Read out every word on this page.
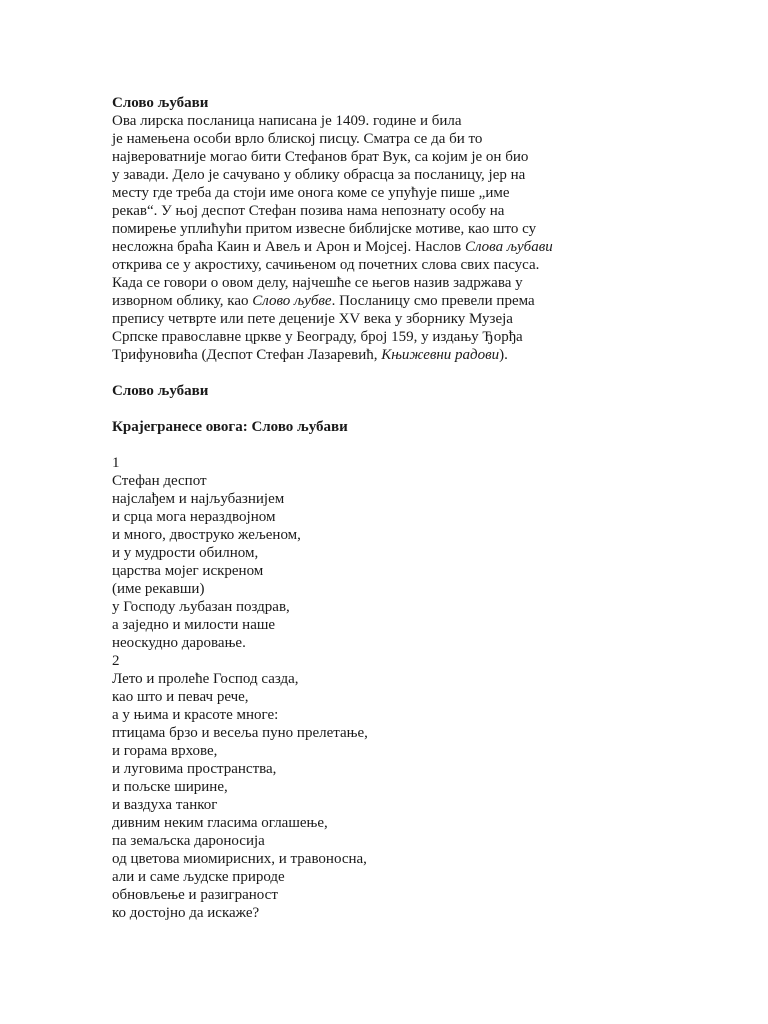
Слово љубави

Ова лирска посланица написана је 1409. године и била

је намењена особи врло блиској писцу. Сматра се да би то

највероватније могао бити Стефанов брат Вук, са којим је он био

у завади. Дело је сачувано у облику обрасца за посланицу, јер на

месту где треба да стоји име онога коме се упућује пише „име

рекав“. У њој деспот Стефан позива нама непознату особу на

помирење уплићући притом извесне библијске мотиве, као што су

несложна браћа Каин и Авељ и Арон и Мојсеј. Наслов Слова љубави

открива се у акростиху, сачињеном од почетних слова свих пасуса.

Када се говори о овом делу, најчешће се његов назив задржава у

изворном облику, као Слово љубве. Посланицу смо превели према

препису четврте или пете деценије XV века у зборнику Музеја

Српске православне цркве у Београду, број 159, у издању Ђорђа

Трифуновића (Деспот Стефан Лазаревић, Књижевни радови).

Слово љубави

Крајегранесе овога: Слово љубави

1

Стефан деспот

најслађем и најљубазнијем

и срца мога нераздвојном

и много, двоструко жељеном,

и у мудрости обилном,

царства мојег искреном

(име рекавши)

у Господу љубазан поздрав,

а заједно и милости наше

неоскудно даровање.

2

Лето и пролеће Господ сазда,

као што и певач рече,

а у њима и красоте многе:

птицама брзо и весеља пуно прелетање,

и горама врхове,

и луговима пространства,

и пољске ширине,

и ваздуха танког

дивним неким гласима оглашење,

па земаљска дароносија

од цветова миомирисних, и травоносна,

али и саме људске природе

обновљење и разиграност

ко достојно да искаже?
